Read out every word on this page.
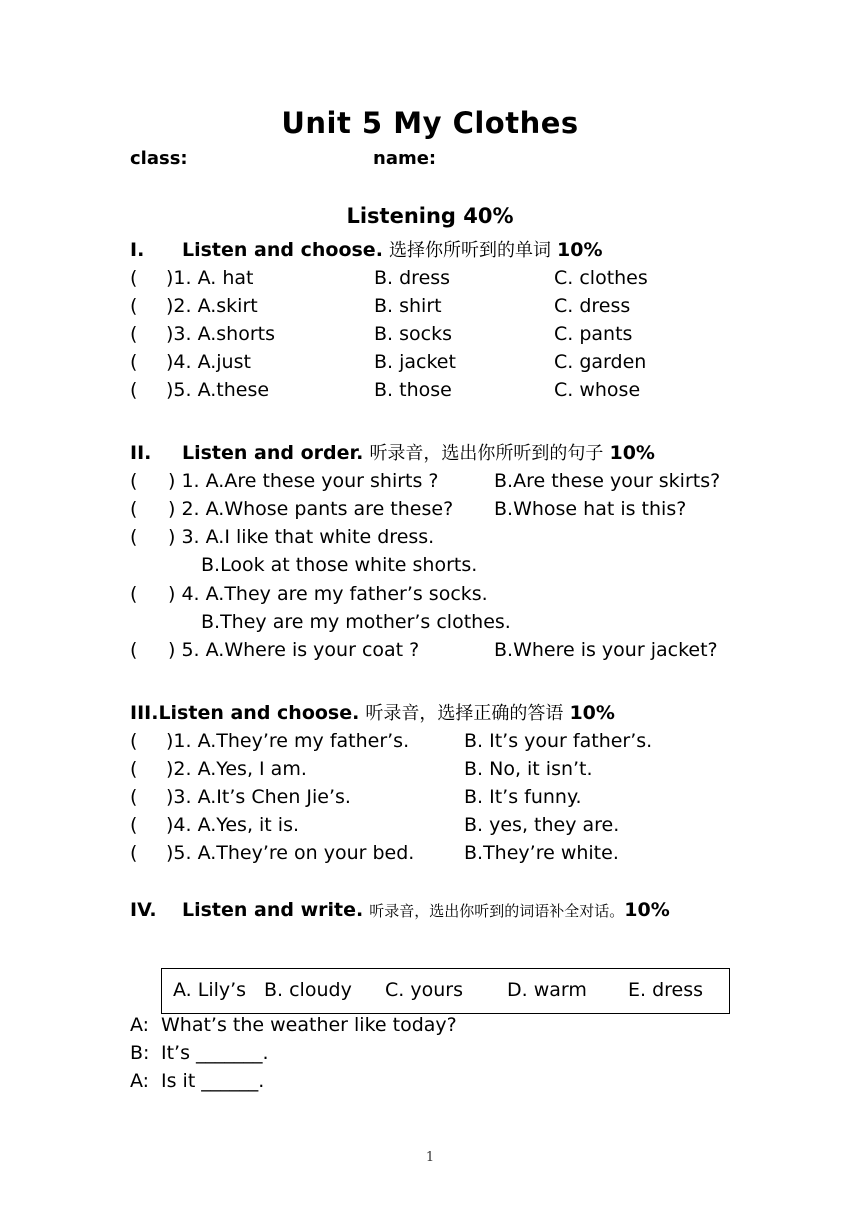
Unit 5 My Clothes
class:	name:
Listening 40%
I. Listen and choose. 选择你所听到的单词 10%
( )1. A. hat	B. dress	C. clothes
( )2. A.skirt	B. shirt	C. dress
( )3. A.shorts	B. socks	C. pants
( )4. A.just	B. jacket	C. garden
( )5. A.these	B. those	C. whose
II. Listen and order. 听录音，选出你所听到的句子 10%
( ) 1. A.Are these your shirts ?	B.Are these your skirts?
( ) 2. A.Whose pants are these? B.Whose hat is this?
( ) 3. A.I like that white dress.
B.Look at those white shorts.
( ) 4. A.They are my father’s socks.
B.They are my mother’s clothes.
( ) 5. A.Where is your coat ?	B.Where is your jacket?
III.Listen and choose. 听录音，选择正确的答语 10%
( )1. A.They’re my father’s.	B. It’s your father’s.
( )2. A.Yes, I am.	B. No, it isn’t.
( )3. A.It’s Chen Jie’s.	B. It’s funny.
( )4. A.Yes, it is.	B. yes, they are.
( )5. A.They’re on your bed.	B.They’re white.
IV. Listen and write. 听录音，选出你听到的词语补全对话。10%
A. Lily’s B. cloudy C. yours D. warm E. dress
A: What’s the weather like today?
B: It’s _______.
A: Is it ______.
1
